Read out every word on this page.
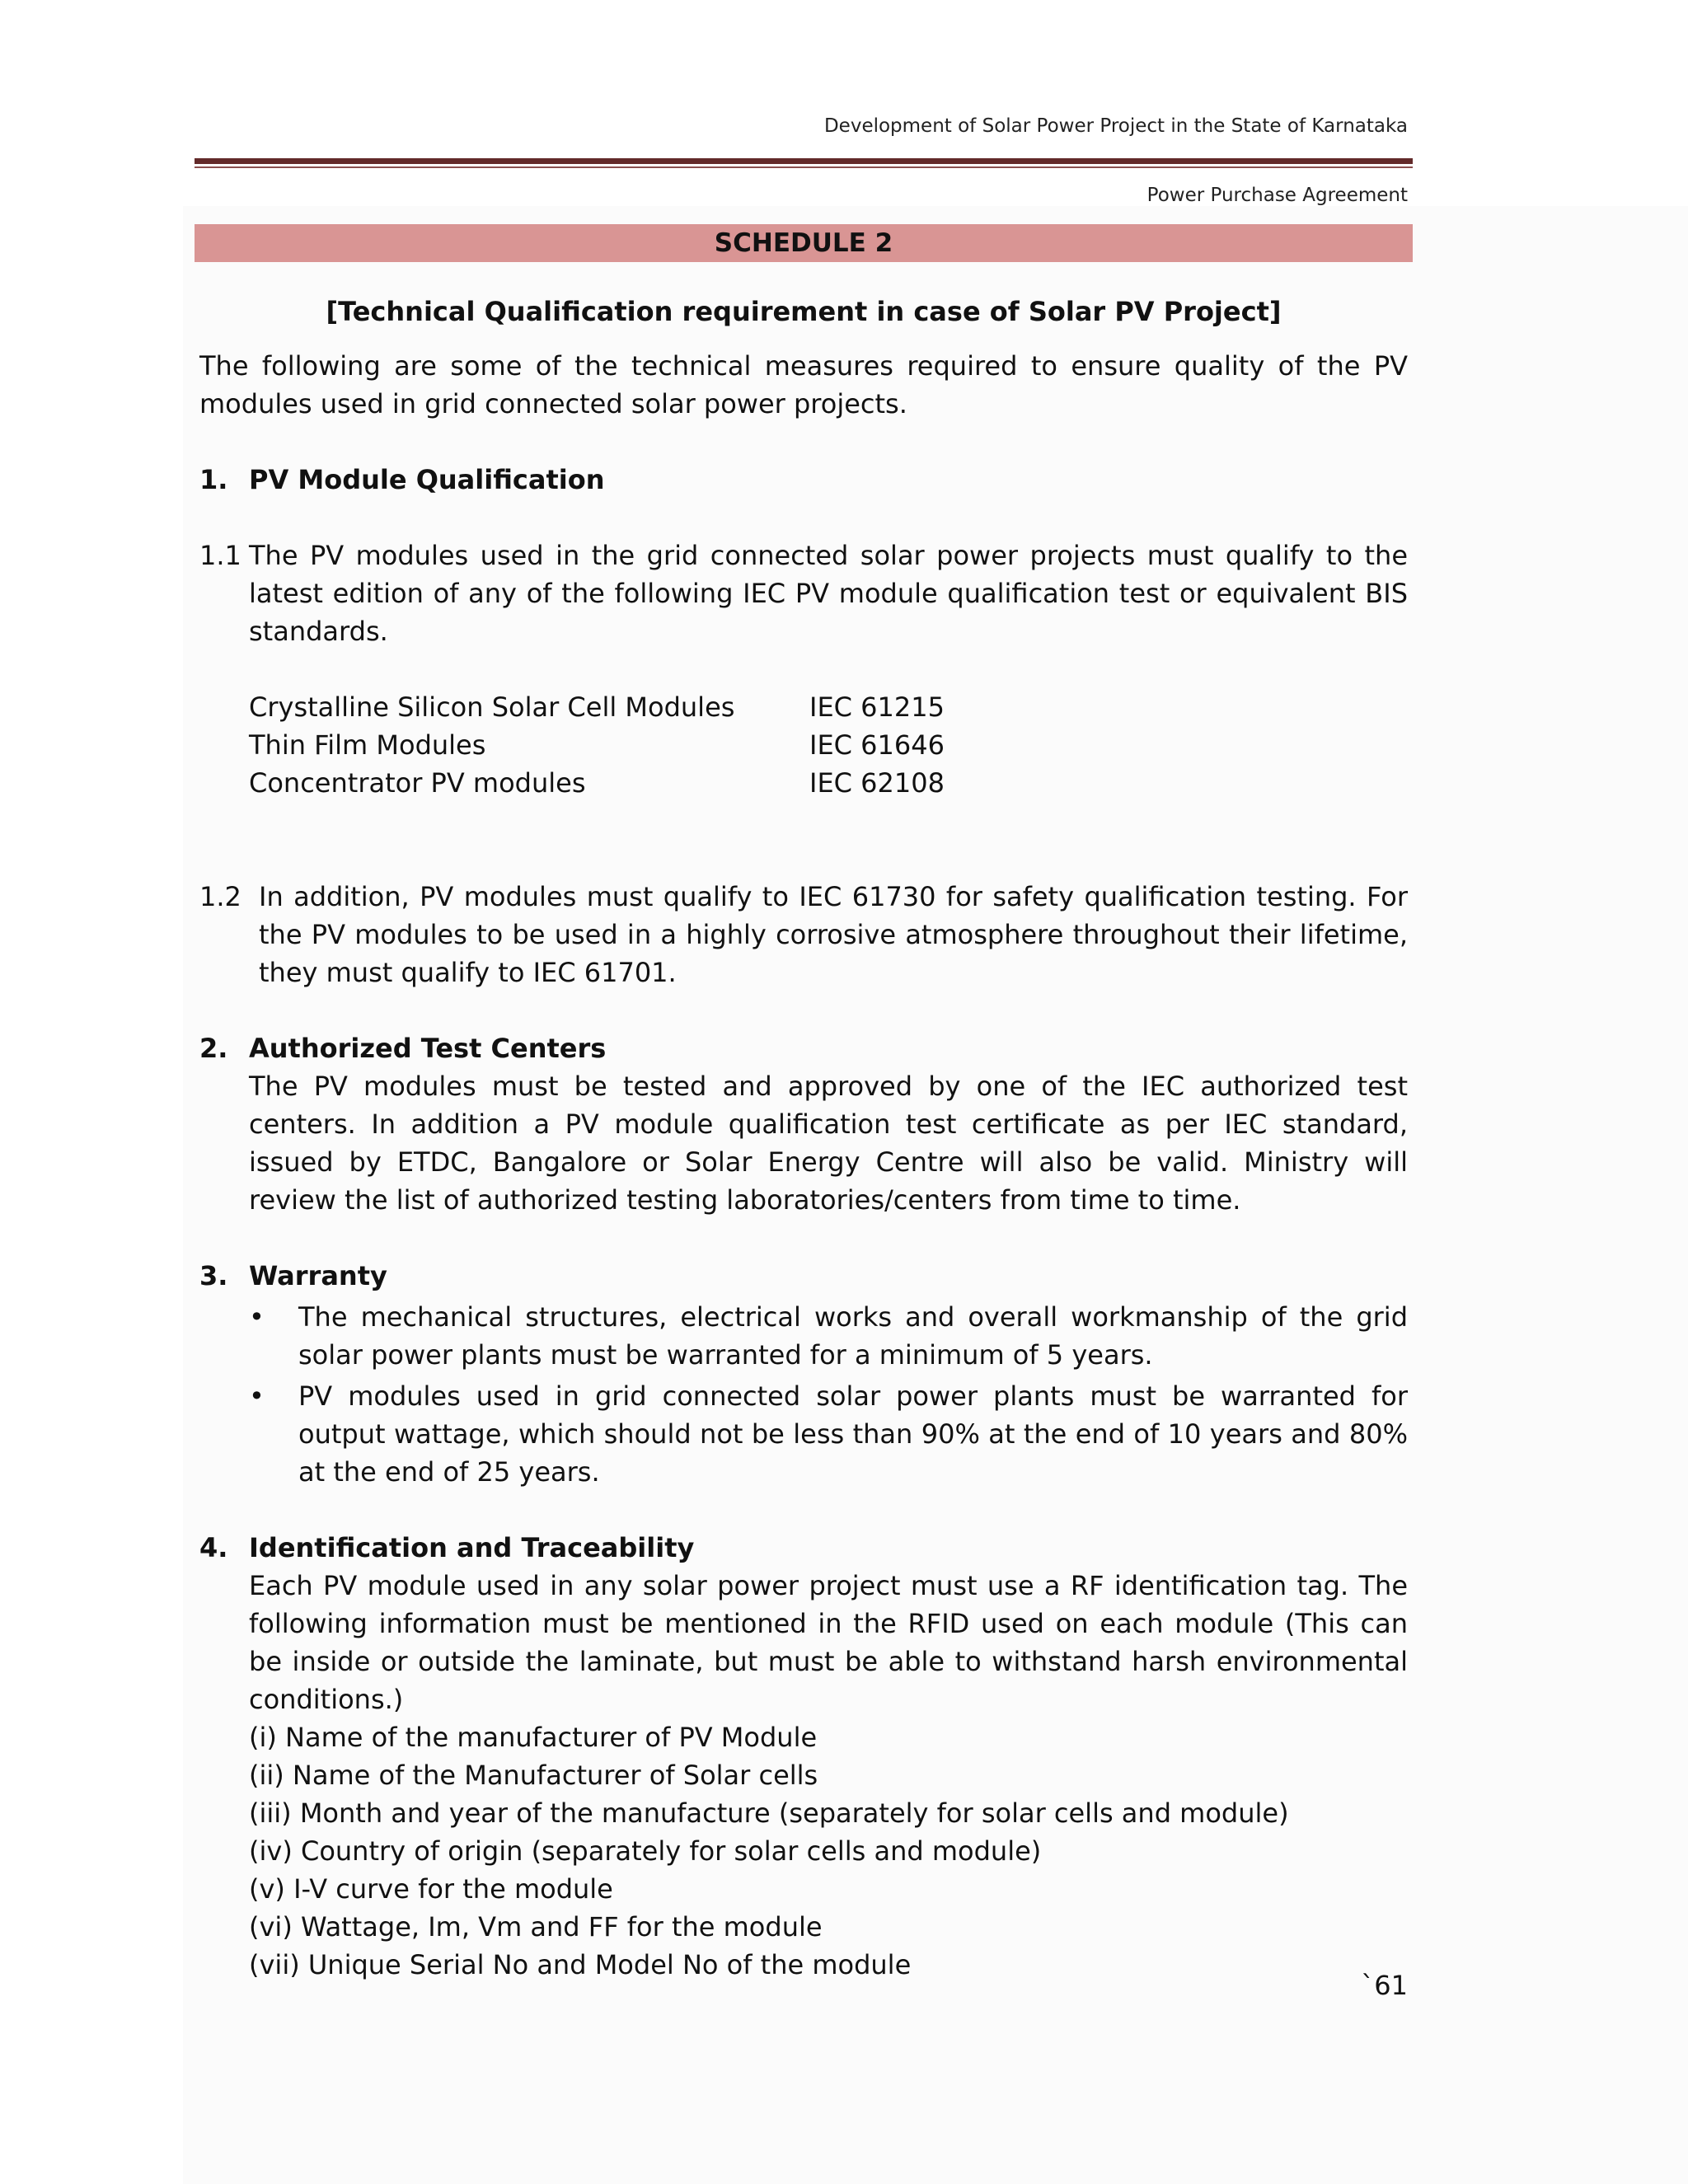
Development of Solar Power Project in the State of Karnataka
Power Purchase Agreement
SCHEDULE 2

[Technical Qualification requirement in case of Solar PV Project]

The following are some of the technical measures required to ensure quality of the PV modules used in grid connected solar power projects.

1. PV Module Qualification
1.1 The PV modules used in the grid connected solar power projects must qualify to the latest edition of any of the following IEC PV module qualification test or equivalent BIS standards.
Crystalline Silicon Solar Cell Modules	IEC 61215
Thin Film Modules	IEC 61646
Concentrator PV modules	IEC 62108
1.2 In addition, PV modules must qualify to IEC 61730 for safety qualification testing. For the PV modules to be used in a highly corrosive atmosphere throughout their lifetime, they must qualify to IEC 61701.
2. Authorized Test Centers

The PV modules must be tested and approved by one of the IEC authorized test centers. In addition a PV module qualification test certificate as per IEC standard, issued by ETDC, Bangalore or Solar Energy Centre will also be valid. Ministry will review the list of authorized testing laboratories/centers from time to time.

3. Warranty
•	The mechanical structures, electrical works and overall workmanship of the grid solar power plants must be warranted for a minimum of 5 years.
•	PV modules used in grid connected solar power plants must be warranted for output wattage, which should not be less than 90% at the end of 10 years and 80% at the end of 25 years.
4. Identification and Traceability

Each PV module used in any solar power project must use a RF identification tag. The following information must be mentioned in the RFID used on each module (This can be inside or outside the laminate, but must be able to withstand harsh environmental conditions.)

(i) Name of the manufacturer of PV Module

(ii) Name of the Manufacturer of Solar cells

(iii) Month and year of the manufacture (separately for solar cells and module)

(iv) Country of origin (separately for solar cells and module)

(v) I-V curve for the module

(vi) Wattage, Im, Vm and FF for the module

(vii) Unique Serial No and Model No of the module

`61
